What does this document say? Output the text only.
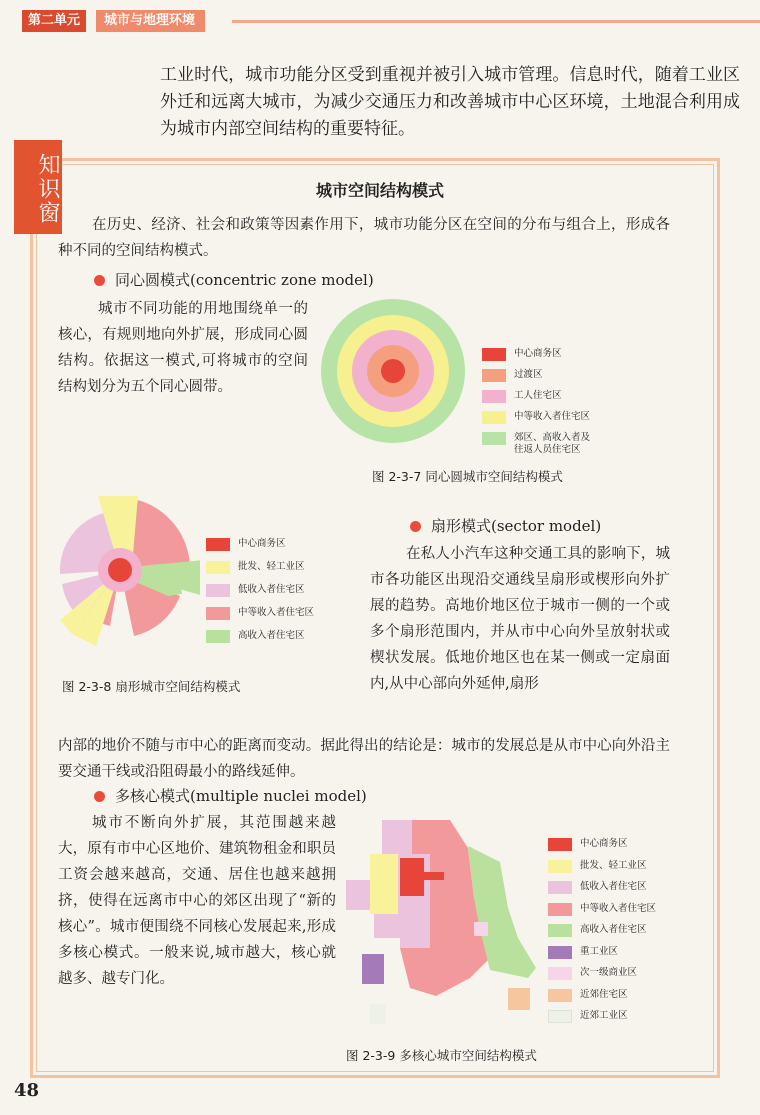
第二单元	城市与地理环境
工业时代，城市功能分区受到重视并被引入城市管理。信息时代，随着工业区外迁和远离大城市，为减少交通压力和改善城市中心区环境，土地混合利用成为城市内部空间结构的重要特征。
知识窗	城市空间结构模式
在历史、经济、社会和政策等因素作用下，城市功能分区在空间的分布与组合上，形成各种不同的空间结构模式。
同心圆模式(concentric zone model)
城市不同功能的用地围绕单一的核心，有规则地向外扩展，形成同心圆结构。依据这一模式,可将城市的空间结构划分为五个同心圆带。
中心商务区
过渡区
工人住宅区
中等收入者住宅区
郊区、高收入者及
往返人员住宅区
图 2-3-7 同心圆城市空间结构模式
中心商务区
批发、轻工业区
低收入者住宅区
中等收入者住宅区
高收入者住宅区
图 2-3-8 扇形城市空间结构模式
扇形模式(sector model)
在私人小汽车这种交通工具的影响下，城市各功能区出现沿交通线呈扇形或楔形向外扩展的趋势。高地价地区位于城市一侧的一个或多个扇形范围内，并从市中心向外呈放射状或楔状发展。低地价地区也在某一侧或一定扇面内,从中心部向外延伸,扇形
内部的地价不随与市中心的距离而变动。据此得出的结论是：城市的发展总是从市中心向外沿主要交通干线或沿阻碍最小的路线延伸。
多核心模式(multiple nuclei model)
城市不断向外扩展，其范围越来越大，原有市中心区地价、建筑物租金和职员工资会越来越高，交通、居住也越来越拥挤，使得在远离市中心的郊区出现了“新的核心”。城市便围绕不同核心发展起来,形成多核心模式。一般来说,城市越大，核心就越多、越专门化。
中心商务区
批发、轻工业区
低收入者住宅区
中等收入者住宅区
高收入者住宅区
重工业区
次一级商业区
近郊住宅区
近郊工业区
图 2-3-9 多核心城市空间结构模式
48
